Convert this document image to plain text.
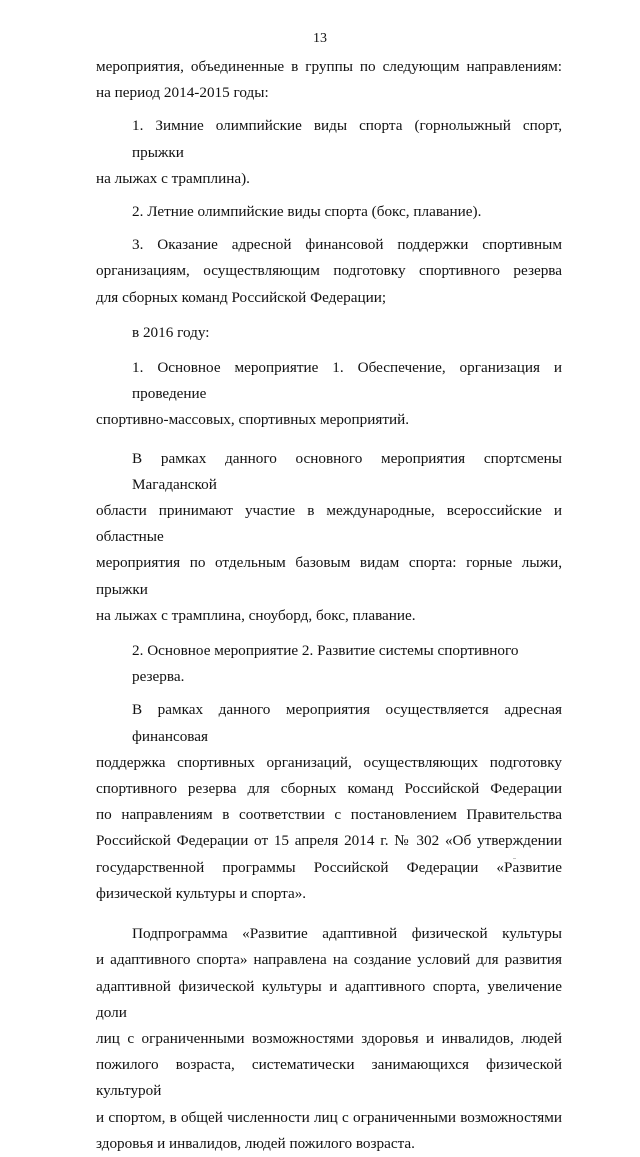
13
мероприятия, объединенные в группы по следующим направлениям:
на период 2014-2015 годы:
1. Зимние олимпийские виды спорта (горнолыжный спорт, прыжки
на лыжах с трамплина).
2. Летние олимпийские виды спорта (бокс, плавание).
3. Оказание адресной финансовой поддержки спортивным
организациям, осуществляющим подготовку спортивного резерва
для сборных команд Российской Федерации;
в 2016 году:
1. Основное мероприятие 1. Обеспечение, организация и проведение
спортивно-массовых, спортивных мероприятий.
В рамках данного основного мероприятия спортсмены Магаданской
области принимают участие в международные, всероссийские и областные
мероприятия по отдельным базовым видам спорта: горные лыжи, прыжки
на лыжах с трамплина, сноуборд, бокс, плавание.
2. Основное мероприятие 2. Развитие системы спортивного резерва.
В рамках данного мероприятия осуществляется адресная финансовая
поддержка спортивных организаций, осуществляющих подготовку
спортивного резерва для сборных команд Российской Федерации
по направлениям в соответствии с постановлением Правительства
Российской Федерации от 15 апреля 2014 г. № 302 «Об утверждении
государственной программы Российской Федерации «Развитие
физической культуры и спорта».
Подпрограмма «Развитие адаптивной физической культуры
и адаптивного спорта» направлена на создание условий для развития
адаптивной физической культуры и адаптивного спорта, увеличение доли
лиц с ограниченными возможностями здоровья и инвалидов, людей
пожилого возраста, систематически занимающихся физической культурой
и спортом, в общей численности лиц с ограниченными возможностями
здоровья и инвалидов, людей пожилого возраста.
